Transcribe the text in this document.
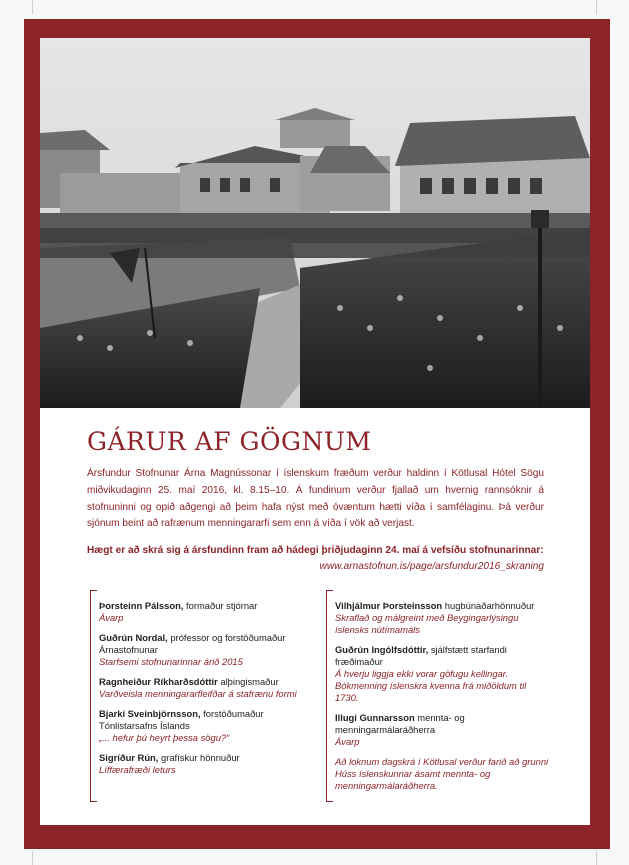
GÁRUR AF GÖGNUM
Ársfundur Stofnunar Árna Magnússonar í íslenskum fræðum verður haldinn í Kötlusal Hótel Sögu miðvikudaginn 25. maí 2016, kl. 8.15–10. Á fundinum verður fjallað um hvernig rannsóknir á stofnuninni og opið aðgengi að þeim hafa nýst með óvæntum hætti víða í samfélaginu. Þá verður sjónum beint að rafrænum menningararfi sem enn á víða í vök að verjast.
Hægt er að skrá sig á ársfundinn fram að hádegi þriðjudaginn 24. maí á vefsíðu stofnunarinnar:
www.arnastofnun.is/page/arsfundur2016_skraning
Þorsteinn Pálsson, formaður stjórnar
Ávarp
Guðrún Nordal, prófessor og forstöðumaður Árnastofnunar
Starfsemi stofnunarinnar árið 2015
Ragnheiður Ríkharðsdóttir alþingismaður
Varðveisla menningararfleifðar á stafrænu formi
Bjarki Sveinbjörnsson, forstöðumaður Tónlistarsafns Íslands
„... hefur þú heyrt þessa sögu?“
Sigríður Rún, grafískur hönnuður
Líffærafræði leturs
Vilhjálmur Þorsteinsson hugbúnaðarhönnuður
Skraflað og málgreint með Beygingarlýsingu íslensks nútímamáls
Guðrún Ingólfsdóttir, sjálfstætt starfandi fræðimaður
Á hverju liggja ekki vorar göfugu kellingar. Bókmenning íslenskra kvenna frá miðöldum til 1730.
Illugi Gunnarsson mennta- og menningarmálaráðherra
Ávarp
Að loknum dagskrá í Kötlusal verður farið að grunni Húss íslenskunnar ásamt mennta- og menningarmálaráðherra.
